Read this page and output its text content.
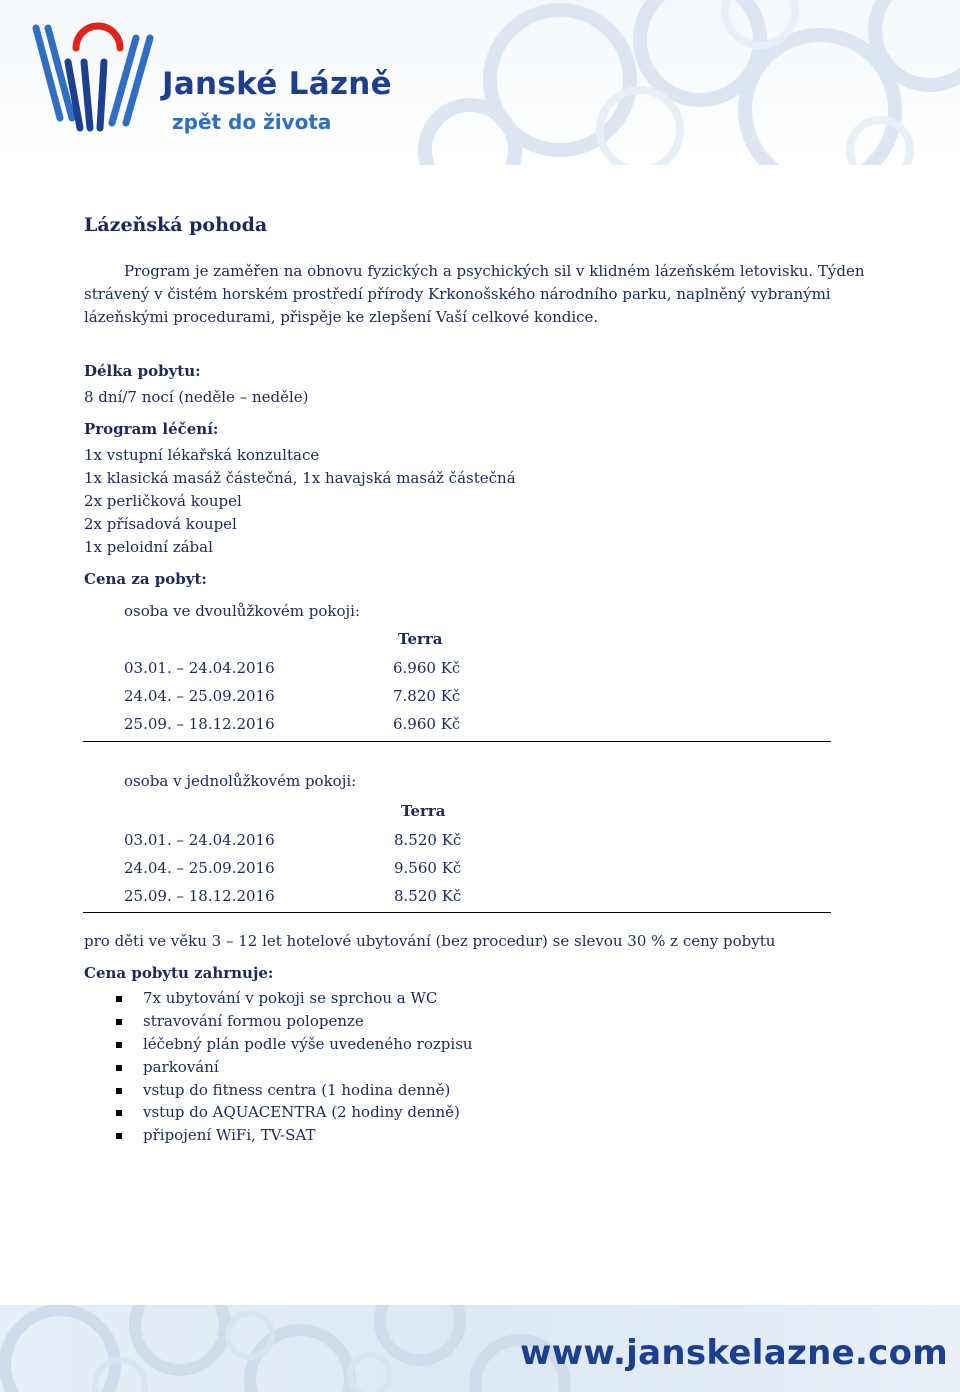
Janské Lázně
zpět do života
Lázeňská pohoda
Program je zaměřen na obnovu fyzických a psychických sil v klidném lázeňském letovisku. Týden
strávený v čistém horském prostředí přírody Krkonošského národního parku, naplněný vybranými
lázeňskými procedurami, přispěje ke zlepšení Vaší celkové kondice.
Délka pobytu:
8 dní/7 nocí (neděle – neděle)
Program léčení:
1x vstupní lékařská konzultace
1x klasická masáž částečná, 1x havajská masáž částečná
2x perličková koupel
2x přísadová koupel
1x peloidní zábal
Cena za pobyt:
osoba ve dvoulůžkovém pokoji:
Terra
03.01. – 24.04.2016	6.960 Kč
24.04. – 25.09.2016	7.820 Kč
25.09. – 18.12.2016	6.960 Kč
osoba v jednolůžkovém pokoji:
Terra
03.01. – 24.04.2016	8.520 Kč
24.04. – 25.09.2016	9.560 Kč
25.09. – 18.12.2016	8.520 Kč
pro děti ve věku 3 – 12 let hotelové ubytování (bez procedur) se slevou 30 % z ceny pobytu
Cena pobytu zahrnuje:
7x ubytování v pokoji se sprchou a WC
stravování formou polopenze
léčebný plán podle výše uvedeného rozpisu
parkování
vstup do fitness centra (1 hodina denně)
vstup do AQUACENTRA (2 hodiny denně)
připojení WiFi, TV-SAT
www.janskelazne.com
